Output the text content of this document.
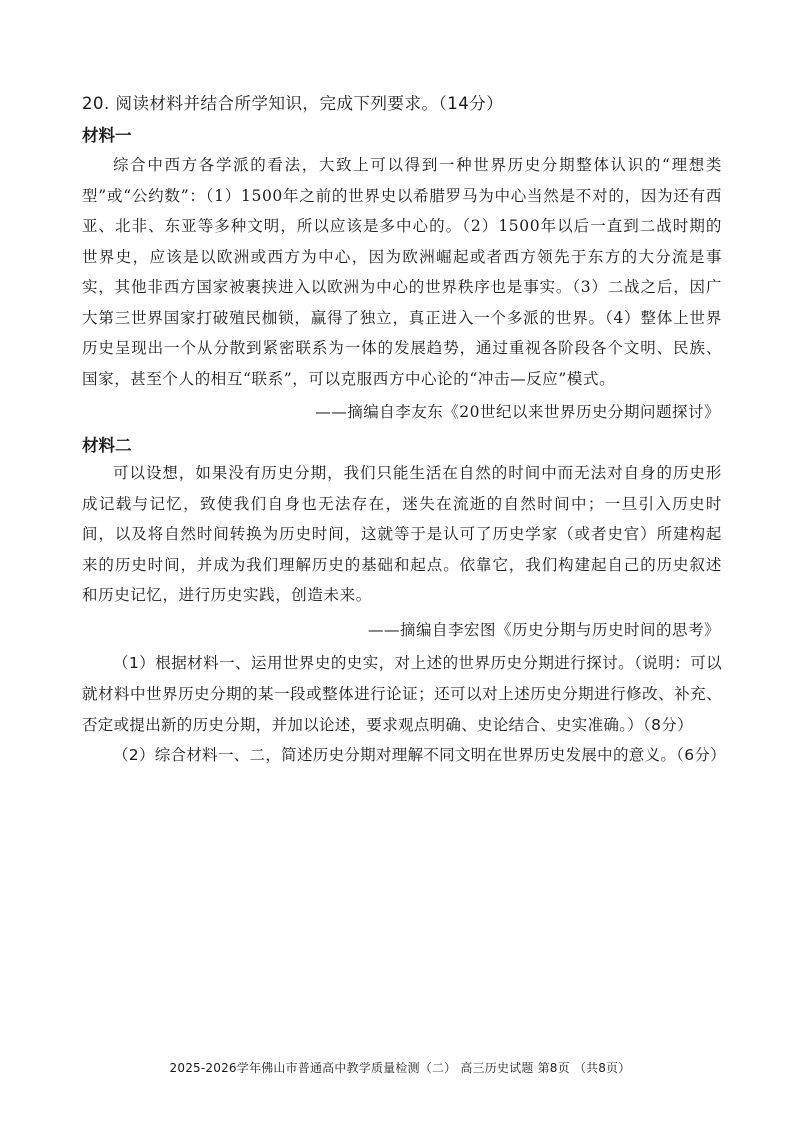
20. 阅读材料并结合所学知识，完成下列要求。（14分）
材料一

综合中西方各学派的看法，大致上可以得到一种世界历史分期整体认识的“理想类型”或“公约数”：（1）1500年之前的世界史以希腊罗马为中心当然是不对的，因为还有西亚、北非、东亚等多种文明，所以应该是多中心的。（2）1500年以后一直到二战时期的世界史，应该是以欧洲或西方为中心，因为欧洲崛起或者西方领先于东方的大分流是事实，其他非西方国家被裹挟进入以欧洲为中心的世界秩序也是事实。（3）二战之后，因广大第三世界国家打破殖民枷锁，赢得了独立，真正进入一个多派的世界。（4）整体上世界历史呈现出一个从分散到紧密联系为一体的发展趋势，通过重视各阶段各个文明、民族、国家，甚至个人的相互“联系”，可以克服西方中心论的“冲击—反应”模式。

——摘编自李友东《20世纪以来世界历史分期问题探讨》
材料二

可以设想，如果没有历史分期，我们只能生活在自然的时间中而无法对自身的历史形成记载与记忆，致使我们自身也无法存在，迷失在流逝的自然时间中；一旦引入历史时间，以及将自然时间转换为历史时间，这就等于是认可了历史学家（或者史官）所建构起来的历史时间，并成为我们理解历史的基础和起点。依靠它，我们构建起自己的历史叙述和历史记忆，进行历史实践，创造未来。

——摘编自李宏图《历史分期与历史时间的思考》

（1）根据材料一、运用世界史的史实，对上述的世界历史分期进行探讨。（说明：可以就材料中世界历史分期的某一段或整体进行论证；还可以对上述历史分期进行修改、补充、否定或提出新的历史分期，并加以论述，要求观点明确、史论结合、史实准确。）（8分）

（2）综合材料一、二，简述历史分期对理解不同文明在世界历史发展中的意义。（6分）

2025-2026学年佛山市普通高中教学质量检测（二） 高三历史试题 第8页 （共8页）
